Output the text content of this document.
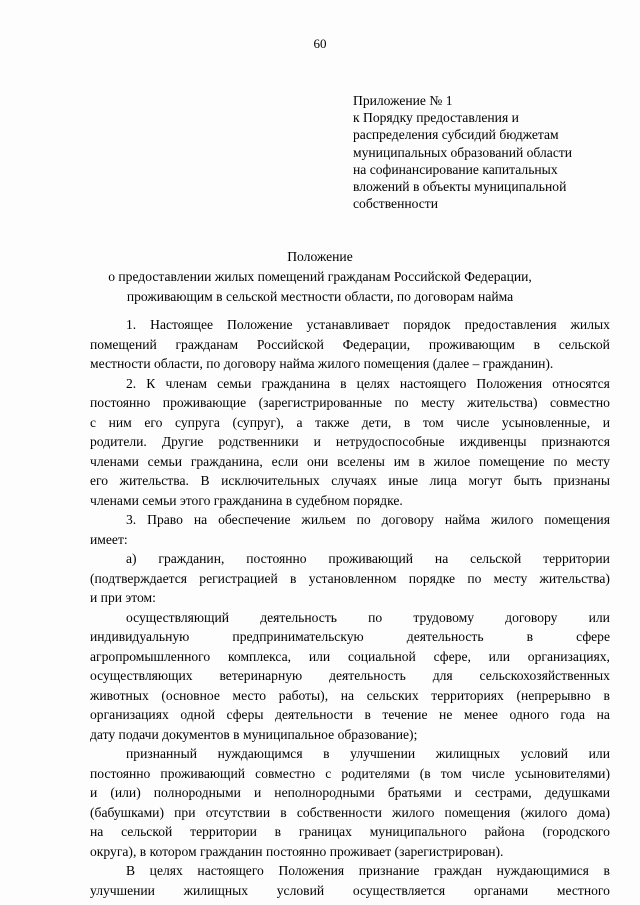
60
Приложение № 1
к Порядку предоставления и
распределения субсидий бюджетам
муниципальных образований области
на софинансирование капитальных
вложений в объекты муниципальной
собственности
Положение
о предоставлении жилых помещений гражданам Российской Федерации,
проживающим в сельской местности области, по договорам найма
1. Настоящее Положение устанавливает порядок предоставления жилых
помещений гражданам Российской Федерации, проживающим в сельской
местности области, по договору найма жилого помещения (далее – гражданин).
2. К членам семьи гражданина в целях настоящего Положения относятся
постоянно проживающие (зарегистрированные по месту жительства) совместно
с ним его супруга (супруг), а также дети, в том числе усыновленные, и
родители. Другие родственники и нетрудоспособные иждивенцы признаются
членами семьи гражданина, если они вселены им в жилое помещение по месту
его жительства. В исключительных случаях иные лица могут быть признаны
членами семьи этого гражданина в судебном порядке.
3. Право на обеспечение жильем по договору найма жилого помещения
имеет:
а) гражданин, постоянно проживающий на сельской территории
(подтверждается регистрацией в установленном порядке по месту жительства)
и при этом:
осуществляющий деятельность по трудовому договору или
индивидуальную	предпринимательскую	деятельность	в	сфере
агропромышленного комплекса, или социальной сфере, или организациях,
осуществляющих ветеринарную деятельность для сельскохозяйственных
животных (основное место работы), на сельских территориях (непрерывно в
организациях одной сферы деятельности в течение не менее одного года на
дату подачи документов в муниципальное образование);
признанный нуждающимся в улучшении жилищных условий или
постоянно проживающий совместно с родителями (в том числе усыновителями)
и (или) полнородными и неполнородными братьями и сестрами, дедушками
(бабушками) при отсутствии в собственности жилого помещения (жилого дома)
на сельской территории в границах муниципального района (городского
округа), в котором гражданин постоянно проживает (зарегистрирован).
В целях настоящего Положения признание граждан нуждающимися в
улучшении жилищных условий осуществляется органами местного
